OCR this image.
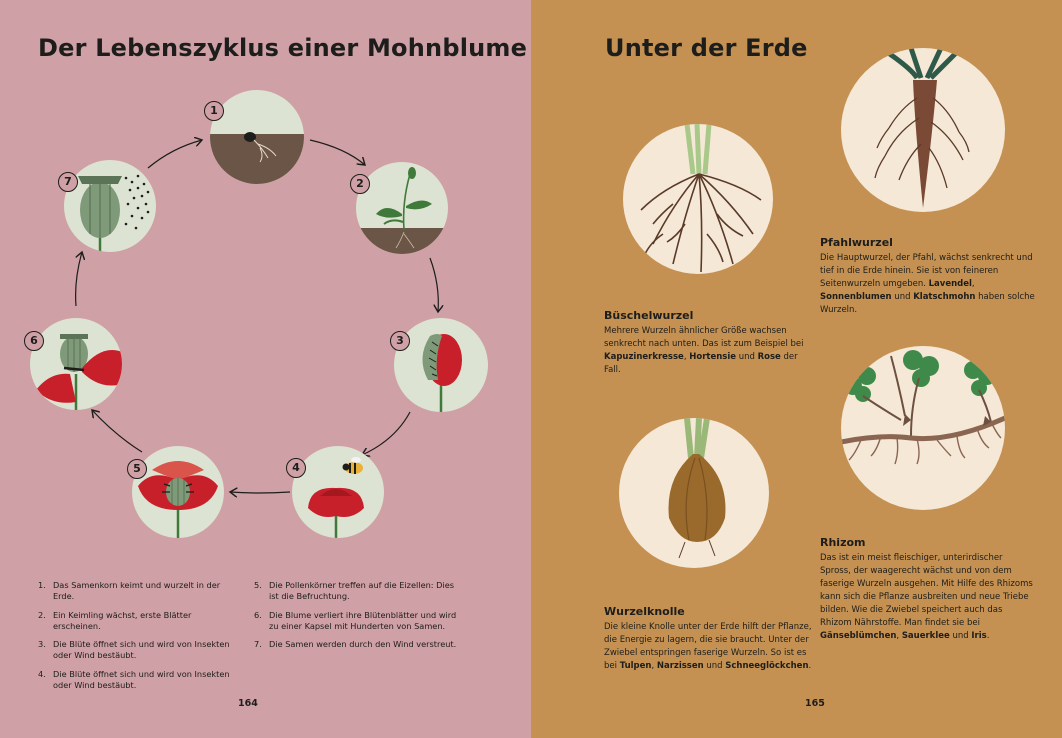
Der Lebenszyklus einer Mohnblume
1
2
3
4
5
6
7
1. Das Samenkorn keimt und wurzelt in der Erde.
2. Ein Keimling wächst, erste Blätter erscheinen.
3. Die Blüte öffnet sich und wird von Insekten oder Wind bestäubt.
4. Die Blüte öffnet sich und wird von Insekten oder Wind bestäubt.
5. Die Pollenkörner treffen auf die Eizellen: Dies ist die Befruchtung.
6. Die Blume verliert ihre Blütenblätter und wird zu einer Kapsel mit Hunderten von Samen.
7. Die Samen werden durch den Wind verstreut.
164
Unter der Erde
Pfahlwurzel

Die Hauptwurzel, der Pfahl, wächst senkrecht und tief in die Erde hinein. Sie ist von feineren Seitenwurzeln umgeben. Lavendel, Sonnenblumen und Klatschmohn haben solche Wurzeln.

Büschelwurzel

Mehrere Wurzeln ähnlicher Größe wachsen senkrecht nach unten. Das ist zum Beispiel bei Kapuzinerkresse, Hortensie und Rose der Fall.

Rhizom

Das ist ein meist fleischiger, unterirdischer Spross, der waagerecht wächst und von dem faserige Wurzeln ausgehen. Mit Hilfe des Rhizoms kann sich die Pflanze ausbreiten und neue Triebe bilden. Wie die Zwiebel speichert auch das Rhizom Nährstoffe. Man findet sie bei Gänseblümchen, Sauerklee und Iris.

Wurzelknolle

Die kleine Knolle unter der Erde hilft der Pflanze, die Energie zu lagern, die sie braucht. Unter der Zwiebel entspringen faserige Wurzeln. So ist es bei Tulpen, Narzissen und Schneeglöckchen.

165
